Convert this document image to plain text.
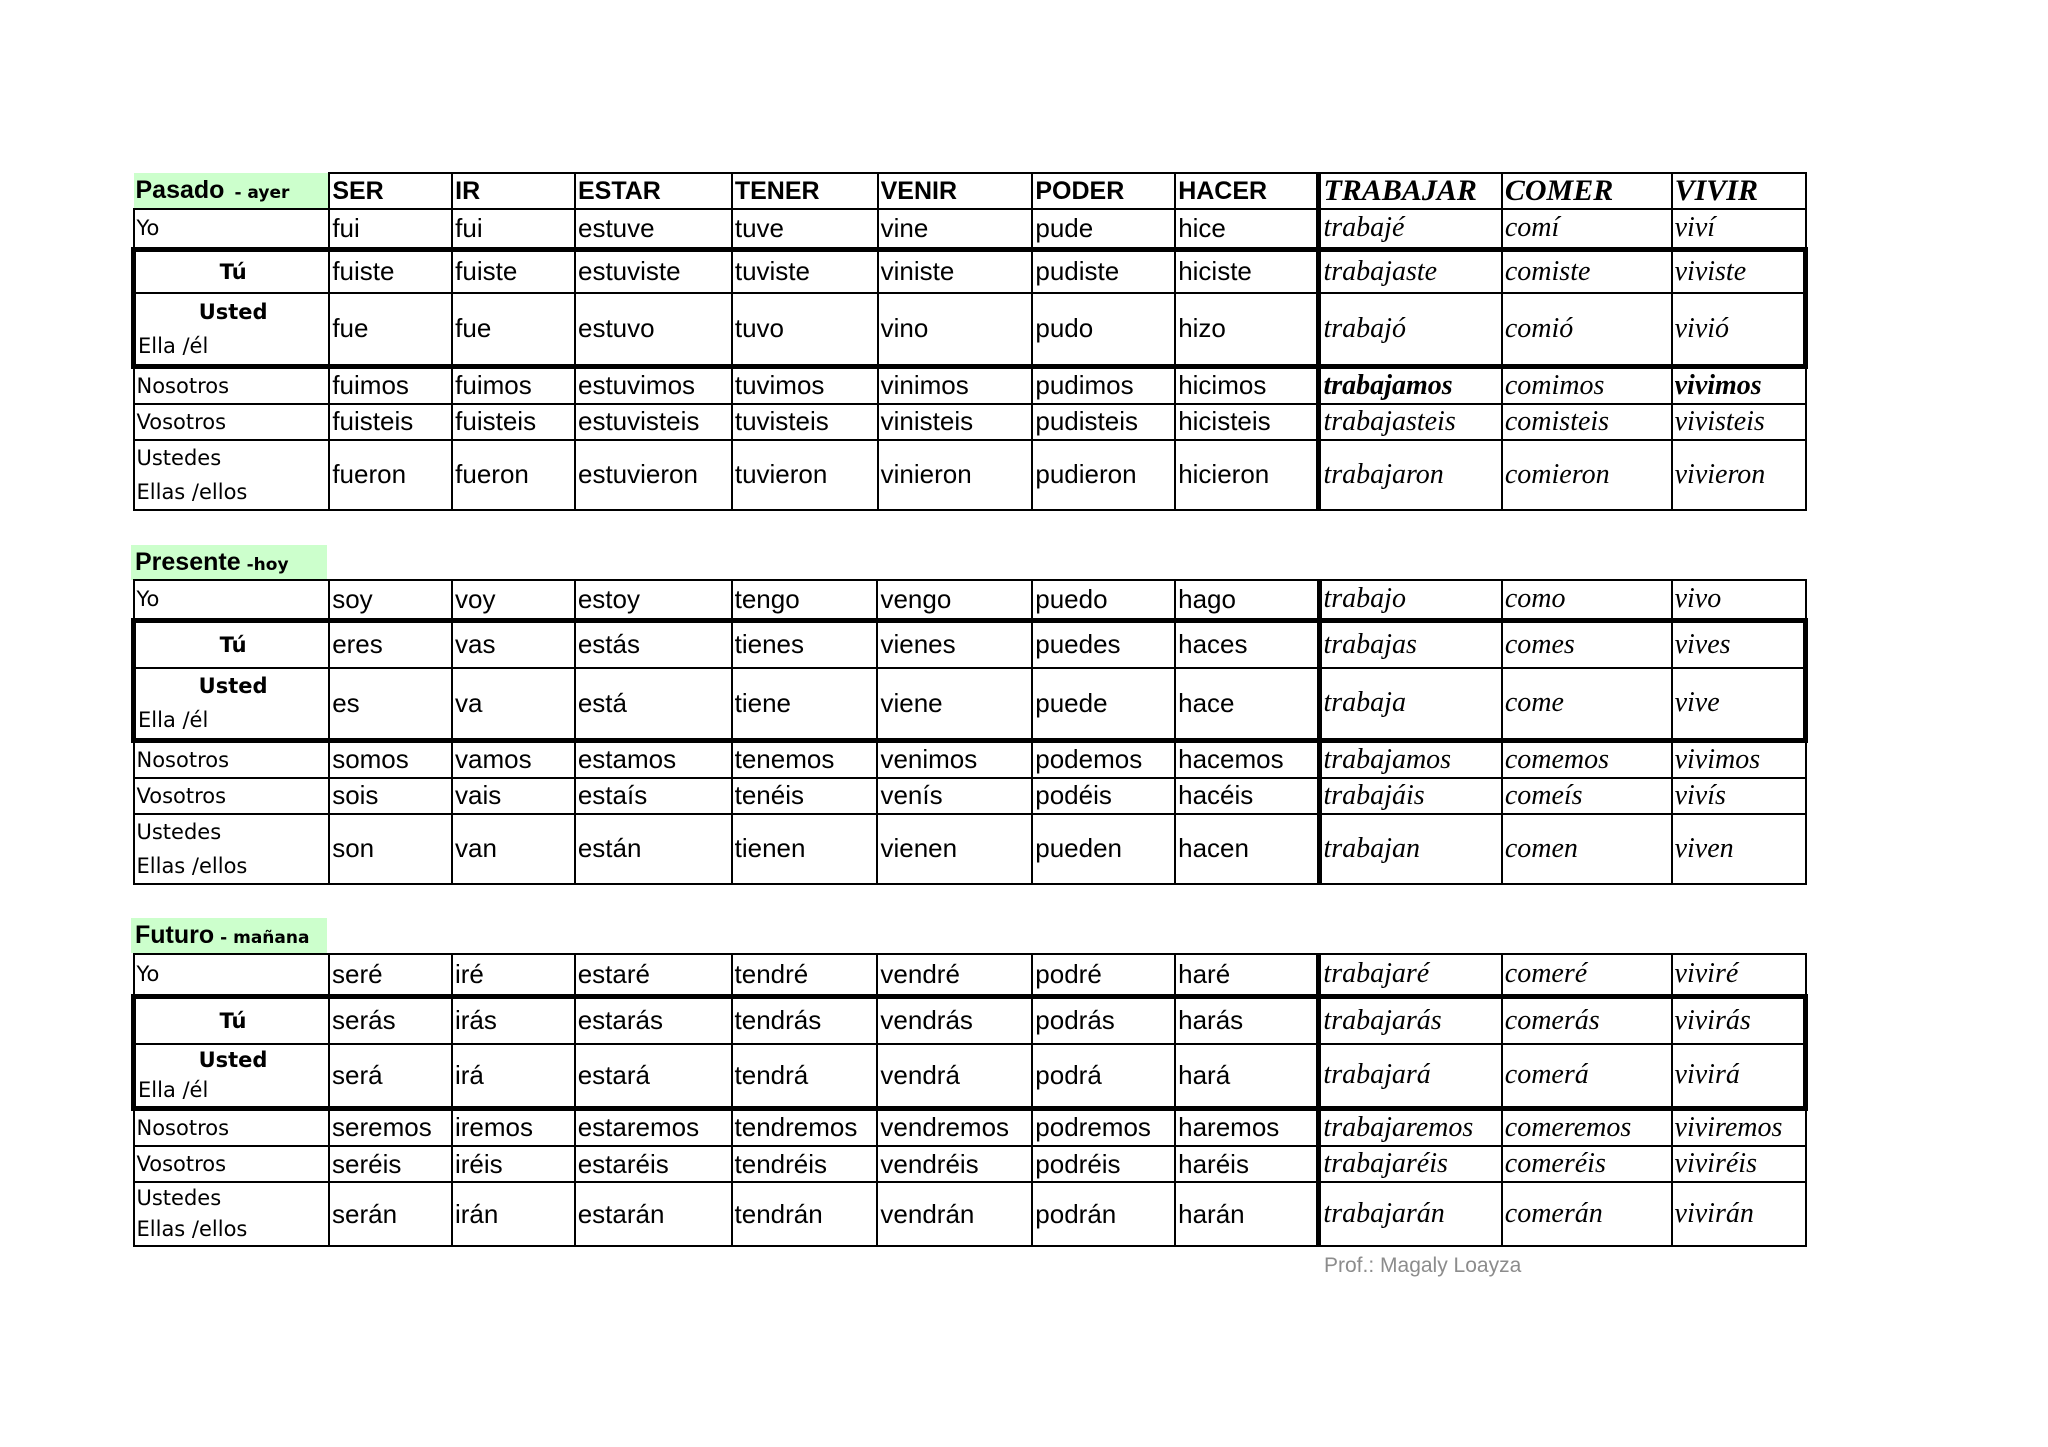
Pasado - ayer	SER	IR	ESTAR	TENER	VENIR	PODER	HACER	TRABAJAR	COMER	VIVIR
Yo	fui	fui	estuve	tuve	vine	pude	hice	trabajé	comí	viví
Tú	fuiste	fuiste	estuviste	tuviste	viniste	pudiste	hiciste	trabajaste	comiste	viviste

Usted
Ella /él	fue	fue	estuvo	tuvo	vino	pudo	hizo	trabajó	comió	vivió
Nosotros	fuimos	fuimos	estuvimos	tuvimos	vinimos	pudimos	hicimos	trabajamos	comimos	vivimos
Vosotros	fuisteis	fuisteis	estuvisteis	tuvisteis	vinisteis	pudisteis	hicisteis	trabajasteis	comisteis	vivisteis

Ustedes
Ellas /ellos	fueron	fueron	estuvieron	tuvieron	vinieron	pudieron	hicieron	trabajaron	comieron	vivieron
Presente -hoy
Yo	soy	voy	estoy	tengo	vengo	puedo	hago	trabajo	como	vivo
Tú	eres	vas	estás	tienes	vienes	puedes	haces	trabajas	comes	vives

Usted
Ella /él	es	va	está	tiene	viene	puede	hace	trabaja	come	vive
Nosotros	somos	vamos	estamos	tenemos	venimos	podemos	hacemos	trabajamos	comemos	vivimos
Vosotros	sois	vais	estaís	tenéis	venís	podéis	hacéis	trabajáis	comeís	vivís

Ustedes
Ellas /ellos	son	van	están	tienen	vienen	pueden	hacen	trabajan	comen	viven
Futuro - mañana
Yo	seré	iré	estaré	tendré	vendré	podré	haré	trabajaré	comeré	viviré
Tú	serás	irás	estarás	tendrás	vendrás	podrás	harás	trabajarás	comerás	vivirás

Usted
Ella /él	será	irá	estará	tendrá	vendrá	podrá	hará	trabajará	comerá	vivirá
Nosotros	seremos	iremos	estaremos	tendremos	vendremos	podremos	haremos	trabajaremos	comeremos	viviremos
Vosotros	seréis	iréis	estaréis	tendréis	vendréis	podréis	haréis	trabajaréis	comeréis	viviréis

Ustedes
Ellas /ellos	serán	irán	estarán	tendrán	vendrán	podrán	harán	trabajarán	comerán	vivirán
Prof.: Magaly Loayza
